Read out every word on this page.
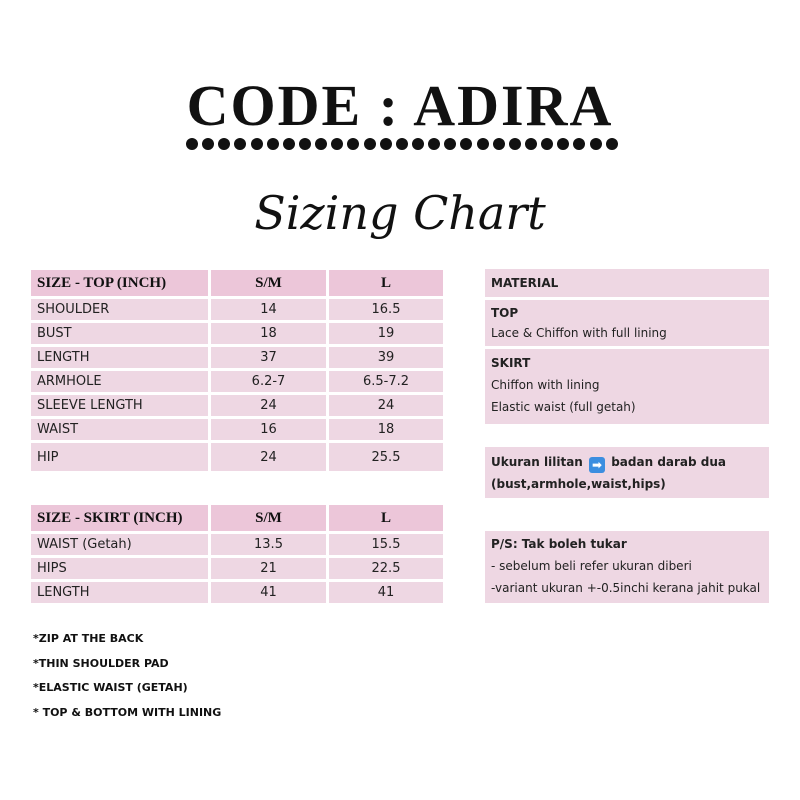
CODE : ADIRA
Sizing Chart
SIZE - TOP (INCH)	S/M	L
SHOULDER	14	16.5
BUST	18	19
LENGTH	37	39
ARMHOLE	6.2-7	6.5-7.2
SLEEVE LENGTH	24	24
WAIST	16	18
HIP	24	25.5
SIZE - SKIRT (INCH)	S/M	L
WAIST (Getah)	13.5	15.5
HIPS	21	22.5
LENGTH	41	41
MATERIAL
TOP
Lace & Chiffon with full lining
SKIRT
Chiffon with lining
Elastic waist (full getah)
Ukuran lilitan ➡ badan darab dua
(bust,armhole,waist,hips)
P/S: Tak boleh tukar
- sebelum beli refer ukuran diberi
-variant ukuran +-0.5inchi kerana jahit pukal
*ZIP AT THE BACK
*THIN SHOULDER PAD
*ELASTIC WAIST (GETAH)
* TOP & BOTTOM WITH LINING
